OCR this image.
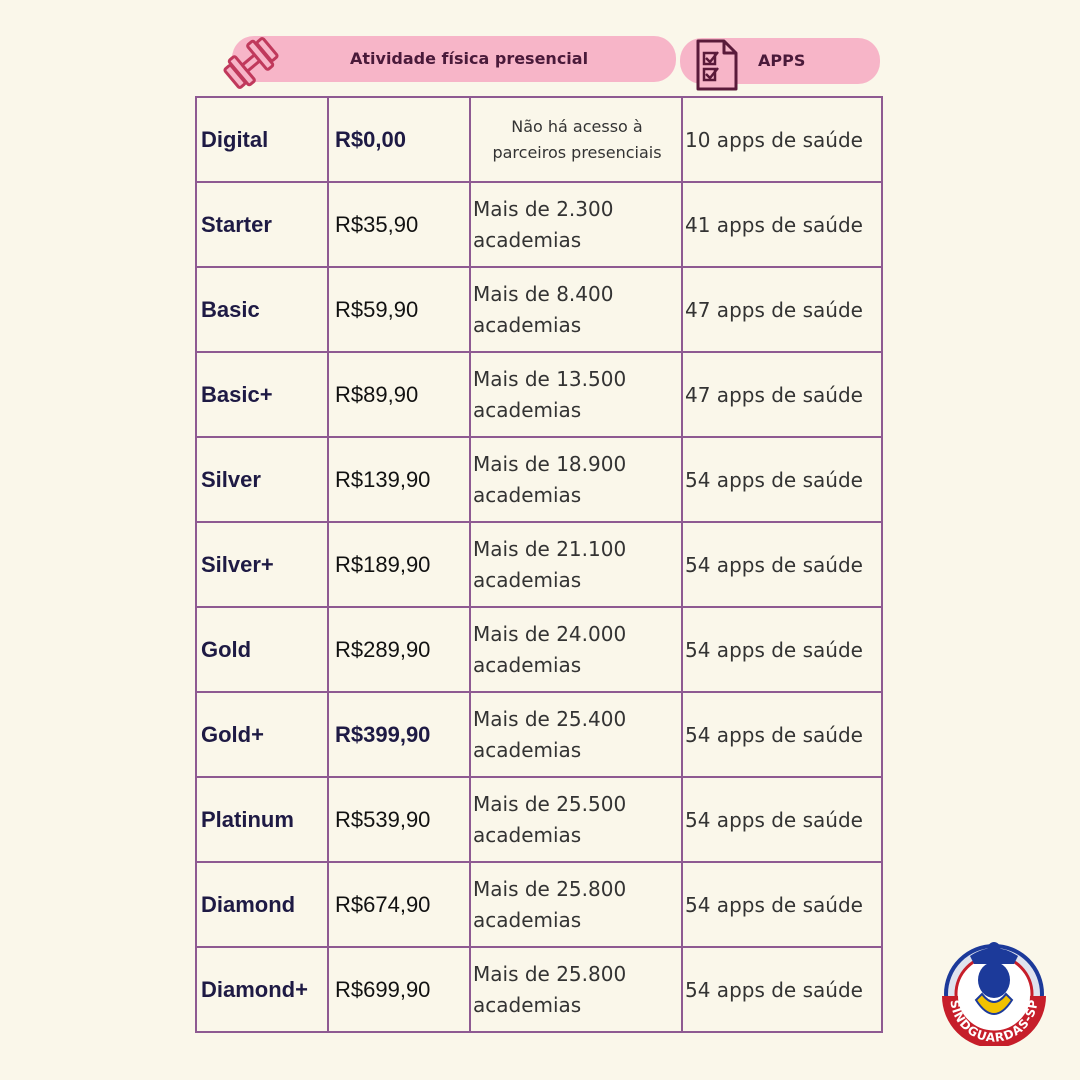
Atividade física presencial	APPS
Digital	R$0,00	Não há acesso à parceiros presenciais	10 apps de saúde
Starter	R$35,90	Mais de 2.300 academias	41 apps de saúde
Basic	R$59,90	Mais de 8.400 academias	47 apps de saúde
Basic+	R$89,90	Mais de 13.500 academias	47 apps de saúde
Silver	R$139,90	Mais de 18.900 academias	54 apps de saúde
Silver+	R$189,90	Mais de 21.100 academias	54 apps de saúde
Gold	R$289,90	Mais de 24.000 academias	54 apps de saúde
Gold+	R$399,90	Mais de 25.400 academias	54 apps de saúde
Platinum	R$539,90	Mais de 25.500 academias	54 apps de saúde
Diamond	R$674,90	Mais de 25.800 academias	54 apps de saúde
Diamond+	R$699,90	Mais de 25.800 academias	54 apps de saúde
SINDGUARDAS-SP
